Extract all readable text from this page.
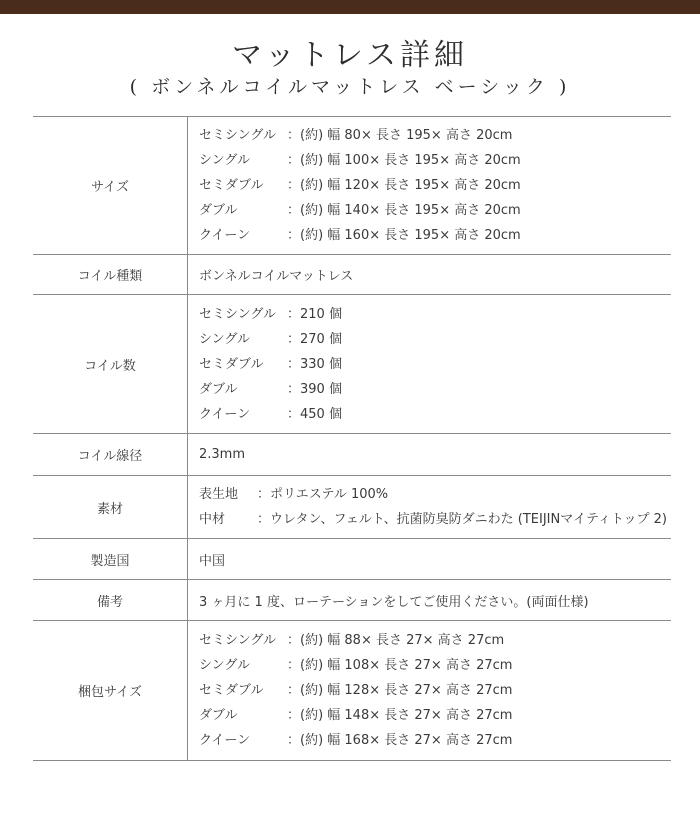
マットレス詳細
( ボンネルコイルマットレス ベーシック )
サイズ	セミシングル ：(約) 幅 80× 長さ 195× 高さ 20cm
シングル ：(約) 幅 100× 長さ 195× 高さ 20cm
セミダブル ：(約) 幅 120× 長さ 195× 高さ 20cm
ダブル ：(約) 幅 140× 長さ 195× 高さ 20cm
クイーン ：(約) 幅 160× 長さ 195× 高さ 20cm

コイル種類	ボンネルコイルマットレス
コイル数	セミシングル ：210 個
シングル ：270 個
セミダブル ：330 個
ダブル ：390 個
クイーン ：450 個

コイル線径	2.3mm
素材	表生地 ：ポリエステル 100%
中材 ：ウレタン、フェルト、抗菌防臭防ダニわた (TEIJINマイティトップ 2)

製造国	中国
備考	3 ヶ月に 1 度、ローテーションをしてご使用ください。(両面仕様)
梱包サイズ	セミシングル ：(約) 幅 88× 長さ 27× 高さ 27cm
シングル ：(約) 幅 108× 長さ 27× 高さ 27cm
セミダブル ：(約) 幅 128× 長さ 27× 高さ 27cm
ダブル ：(約) 幅 148× 長さ 27× 高さ 27cm
クイーン ：(約) 幅 168× 長さ 27× 高さ 27cm
